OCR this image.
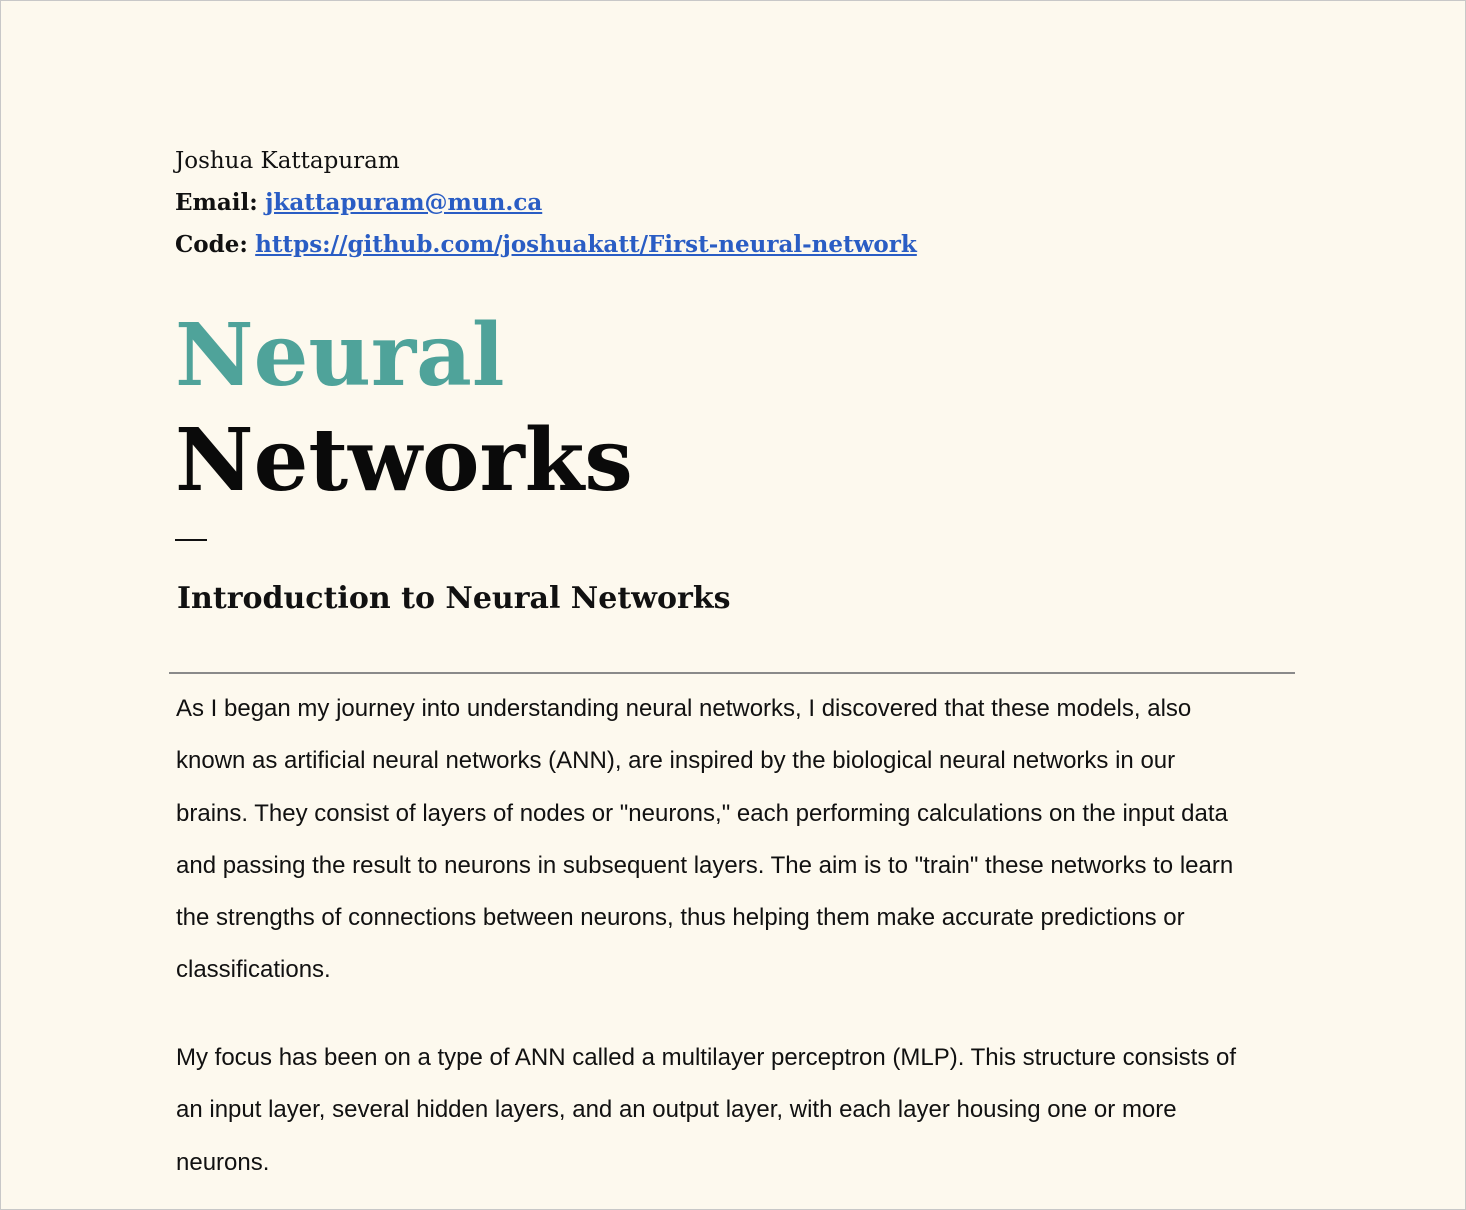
Joshua Kattapuram
Email: jkattapuram@mun.ca
Code: https://github.com/joshuakatt/First-neural-network
Neural
Networks
Introduction to Neural Networks

As I began my journey into understanding neural networks, I discovered that these models, also
known as artificial neural networks (ANN), are inspired by the biological neural networks in our
brains. They consist of layers of nodes or "neurons," each performing calculations on the input data
and passing the result to neurons in subsequent layers. The aim is to "train" these networks to learn
the strengths of connections between neurons, thus helping them make accurate predictions or
classifications.

My focus has been on a type of ANN called a multilayer perceptron (MLP). This structure consists of
an input layer, several hidden layers, and an output layer, with each layer housing one or more
neurons.
